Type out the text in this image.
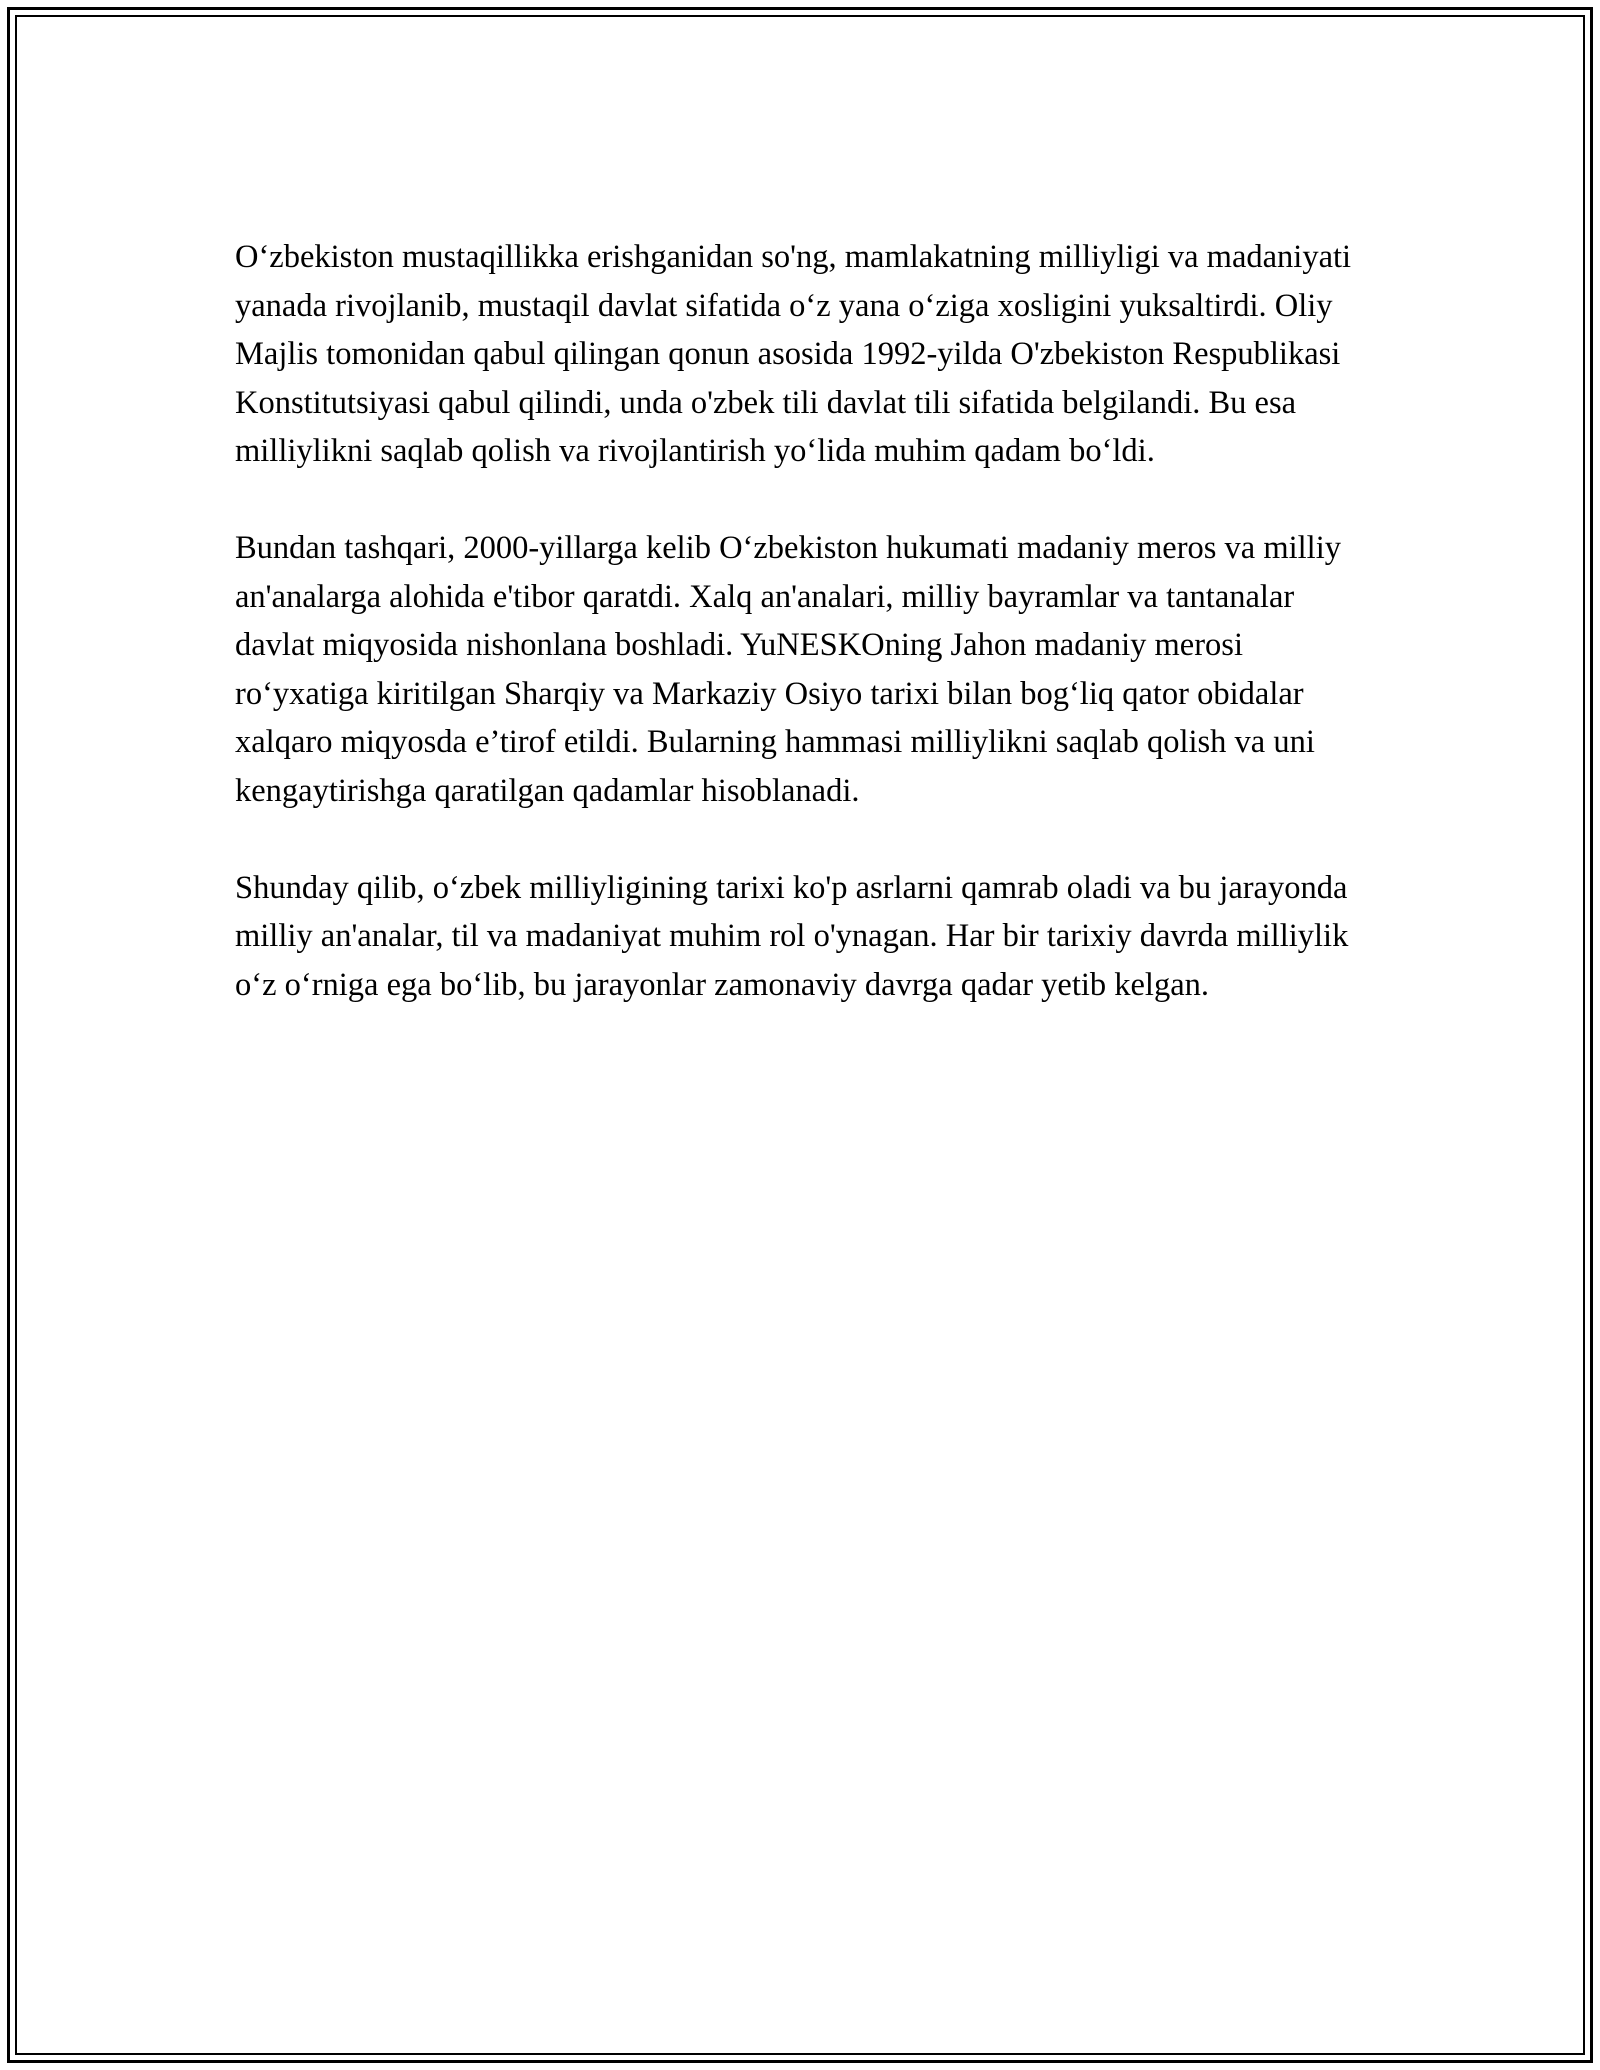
O‘zbekiston mustaqillikka erishganidan so'ng, mamlakatning milliyligi va madaniyati yanada rivojlanib, mustaqil davlat sifatida o‘z yana o‘ziga xosligini yuksaltirdi. Oliy Majlis tomonidan qabul qilingan qonun asosida 1992-yilda O'zbekiston Respublikasi Konstitutsiyasi qabul qilindi, unda o'zbek tili davlat tili sifatida belgilandi. Bu esa milliylikni saqlab qolish va rivojlantirish yo‘lida muhim qadam bo‘ldi.

Bundan tashqari, 2000-yillarga kelib O‘zbekiston hukumati madaniy meros va milliy an'analarga alohida e'tibor qaratdi. Xalq an'analari, milliy bayramlar va tantanalar davlat miqyosida nishonlana boshladi. YuNESKOning Jahon madaniy merosi ro‘yxatiga kiritilgan Sharqiy va Markaziy Osiyo tarixi bilan bog‘liq qator obidalar xalqaro miqyosda e’tirof etildi. Bularning hammasi milliylikni saqlab qolish va uni kengaytirishga qaratilgan qadamlar hisoblanadi.

Shunday qilib, o‘zbek milliyligining tarixi ko'p asrlarni qamrab oladi va bu jarayonda milliy an'analar, til va madaniyat muhim rol o'ynagan. Har bir tarixiy davrda milliylik o‘z o‘rniga ega bo‘lib, bu jarayonlar zamonaviy davrga qadar yetib kelgan.
